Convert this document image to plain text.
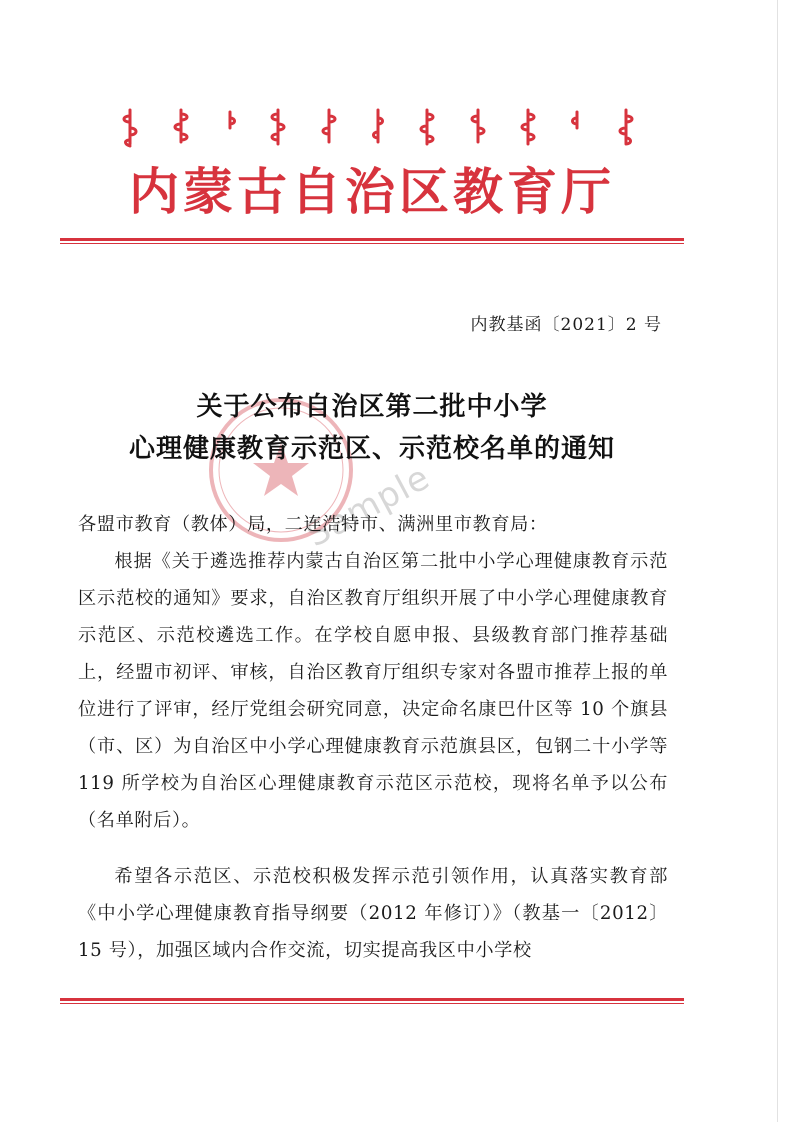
内蒙古自治区教育厅
内教基函〔2021〕2 号
关于公布自治区第二批中小学
心理健康教育示范区、示范校名单的通知
Sample
各盟市教育（教体）局，二连浩特市、满洲里市教育局：
根据《关于遴选推荐内蒙古自治区第二批中小学心理健康教育示范区示范校的通知》要求，自治区教育厅组织开展了中小学心理健康教育示范区、示范校遴选工作。在学校自愿申报、县级教育部门推荐基础上，经盟市初评、审核，自治区教育厅组织专家对各盟市推荐上报的单位进行了评审，经厅党组会研究同意，决定命名康巴什区等 10 个旗县（市、区）为自治区中小学心理健康教育示范旗县区，包钢二十小学等 119 所学校为自治区心理健康教育示范区示范校，现将名单予以公布（名单附后）。
希望各示范区、示范校积极发挥示范引领作用，认真落实教育部《中小学心理健康教育指导纲要（2012 年修订）》（教基一〔2012〕15 号），加强区域内合作交流，切实提高我区中小学校
